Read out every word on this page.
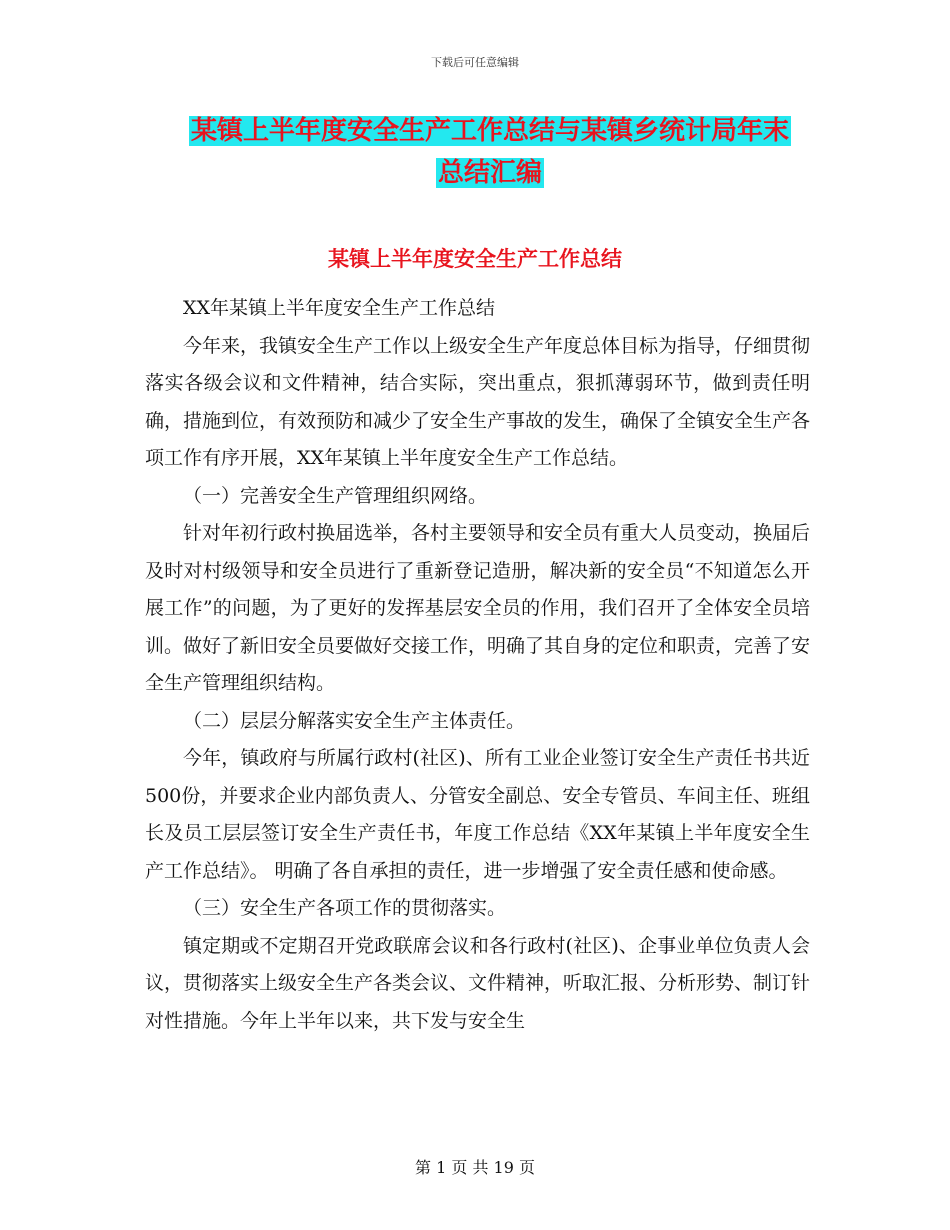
下载后可任意编辑
某镇上半年度安全生产工作总结与某镇乡统计局年末
总结汇编
某镇上半年度安全生产工作总结

XX年某镇上半年度安全生产工作总结

今年来，我镇安全生产工作以上级安全生产年度总体目标为指导，仔细贯彻落实各级会议和文件精神，结合实际，突出重点，狠抓薄弱环节，做到责任明确，措施到位，有效预防和减少了安全生产事故的发生，确保了全镇安全生产各项工作有序开展，XX年某镇上半年度安全生产工作总结。

（一）完善安全生产管理组织网络。

针对年初行政村换届选举，各村主要领导和安全员有重大人员变动，换届后及时对村级领导和安全员进行了重新登记造册，解决新的安全员“不知道怎么开展工作”的问题，为了更好的发挥基层安全员的作用，我们召开了全体安全员培训。做好了新旧安全员要做好交接工作，明确了其自身的定位和职责，完善了安全生产管理组织结构。

（二）层层分解落实安全生产主体责任。

今年，镇政府与所属行政村(社区)、所有工业企业签订安全生产责任书共近500份，并要求企业内部负责人、分管安全副总、安全专管员、车间主任、班组长及员工层层签订安全生产责任书，年度工作总结《XX年某镇上半年度安全生产工作总结》。 明确了各自承担的责任，进一步增强了安全责任感和使命感。

（三）安全生产各项工作的贯彻落实。

镇定期或不定期召开党政联席会议和各行政村(社区)、企事业单位负责人会议，贯彻落实上级安全生产各类会议、文件精神，听取汇报、分析形势、制订针对性措施。今年上半年以来，共下发与安全生

第 1 页 共 19 页
